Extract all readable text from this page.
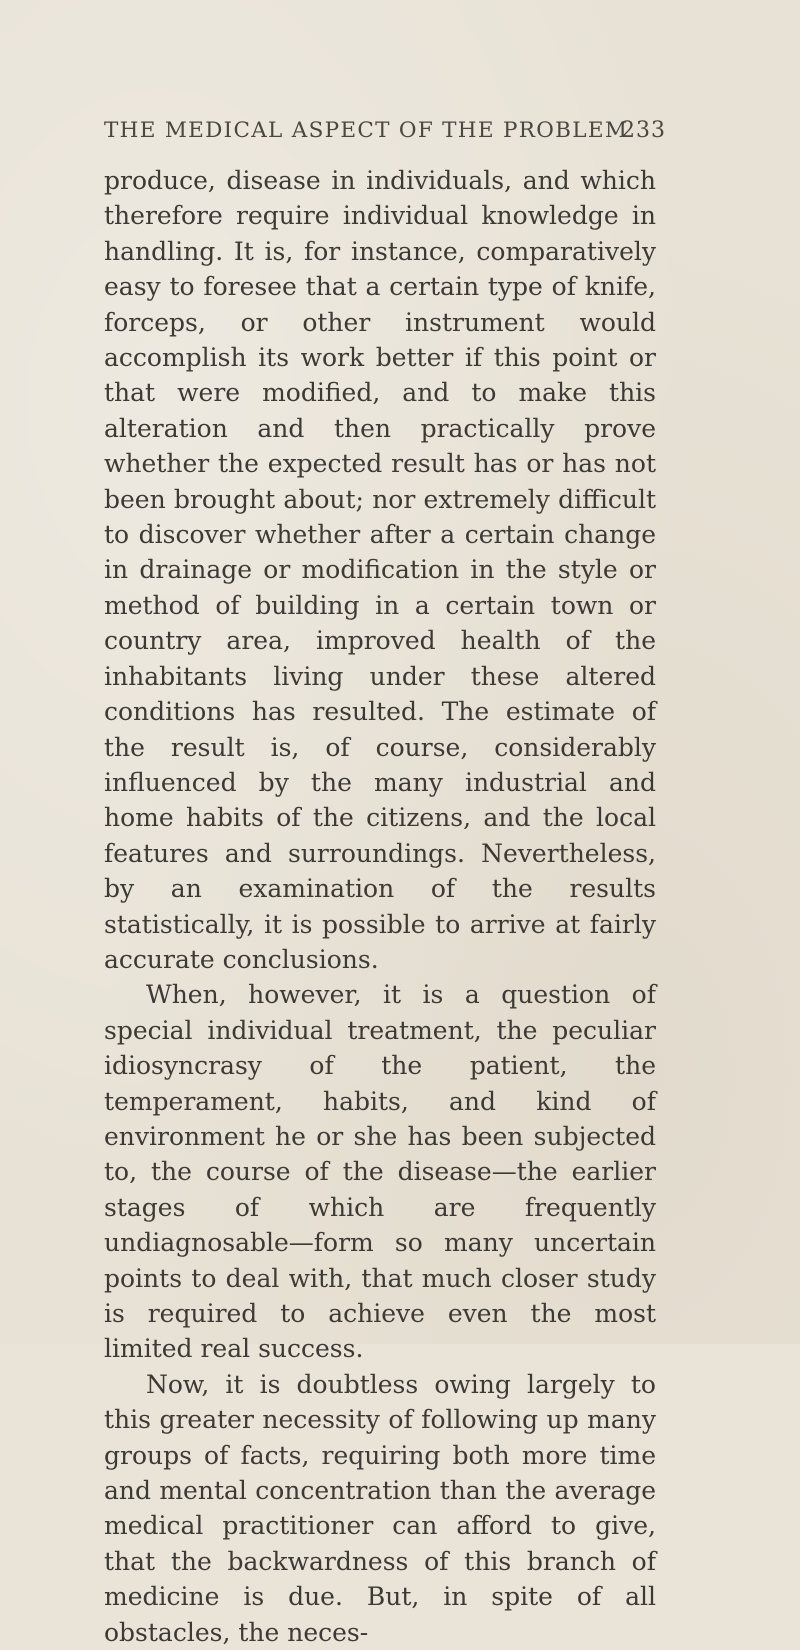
THE MEDICAL ASPECT OF THE PROBLEM
233

produce, disease in individuals, and which therefore require individual knowledge in handling. It is, for instance, comparatively easy to foresee that a certain type of knife, forceps, or other instrument would accomplish its work better if this point or that were modified, and to make this alteration and then practically prove whether the expected result has or has not been brought about; nor extremely difficult to discover whether after a certain change in drainage or modification in the style or method of building in a certain town or country area, improved health of the inhabitants living under these altered conditions has resulted. The estimate of the result is, of course, considerably influenced by the many industrial and home habits of the citizens, and the local features and surroundings. Nevertheless, by an examination of the results statistically, it is possible to arrive at fairly accurate conclusions.

When, however, it is a question of special individual treatment, the peculiar idiosyncrasy of the patient, the temperament, habits, and kind of environment he or she has been subjected to, the course of the disease—the earlier stages of which are frequently undiagnosable—form so many uncertain points to deal with, that much closer study is required to achieve even the most limited real success.

Now, it is doubtless owing largely to this greater necessity of following up many groups of facts, requiring both more time and mental concentration than the average medical practitioner can afford to give, that the backwardness of this branch of medicine is due. But, in spite of all obstacles, the neces-
